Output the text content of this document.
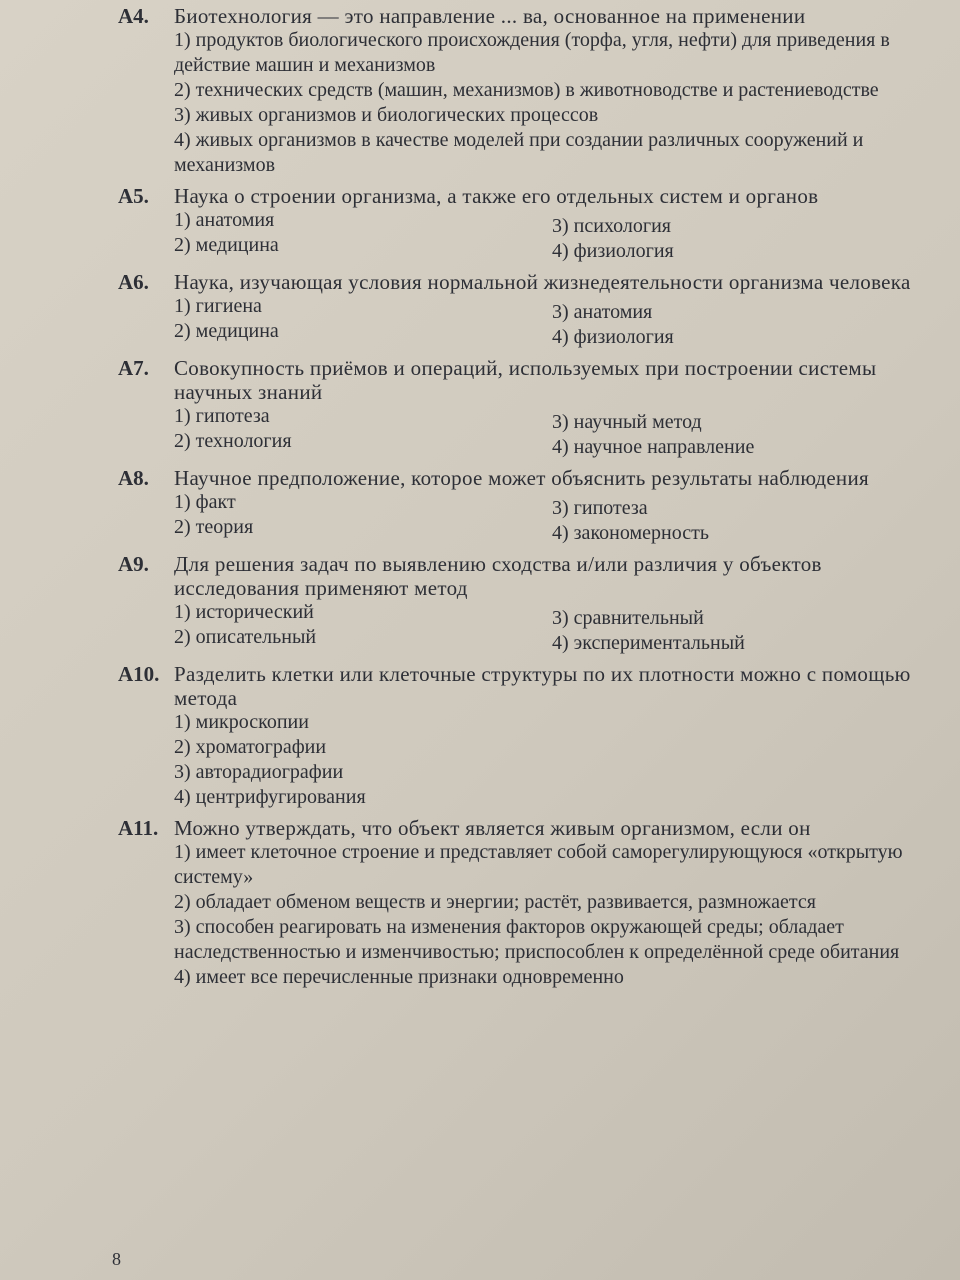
А4.	Биотехнология — это направление ... ва, основанное на применении
1) продуктов биологического происхождения (торфа, угля, нефти) для приведения в действие машин и механизмов
2) технических средств (машин, механизмов) в животноводстве и растениеводстве
3) живых организмов и биологических процессов
4) живых организмов в качестве моделей при создании различных сооружений и механизмов
А5.	Наука о строении организма, а также его отдельных систем и органов
1) анатомия
2) медицина
3) психология
4) физиология
А6.	Наука, изучающая условия нормальной жизнедеятельности организма человека
1) гигиена
2) медицина
3) анатомия
4) физиология
А7.	Совокупность приёмов и операций, используемых при построении системы научных знаний
1) гипотеза
2) технология
3) научный метод
4) научное направление
А8.	Научное предположение, которое может объяснить результаты наблюдения
1) факт
2) теория
3) гипотеза
4) закономерность
А9.	Для решения задач по выявлению сходства и/или различия у объектов исследования применяют метод
1) исторический
2) описательный
3) сравнительный
4) экспериментальный
А10. Разделить клетки или клеточные структуры по их плотности можно с помощью метода
1) микроскопии
2) хроматографии
3) авторадиографии
4) центрифугирования
А11. Можно утверждать, что объект является живым организмом, если он
1) имеет клеточное строение и представляет собой саморегулирующуюся «открытую систему»
2) обладает обменом веществ и энергии; растёт, развивается, размножается
3) способен реагировать на изменения факторов окружающей среды; обладает наследственностью и изменчивостью; приспособлен к определённой среде обитания
4) имеет все перечисленные признаки одновременно
8
